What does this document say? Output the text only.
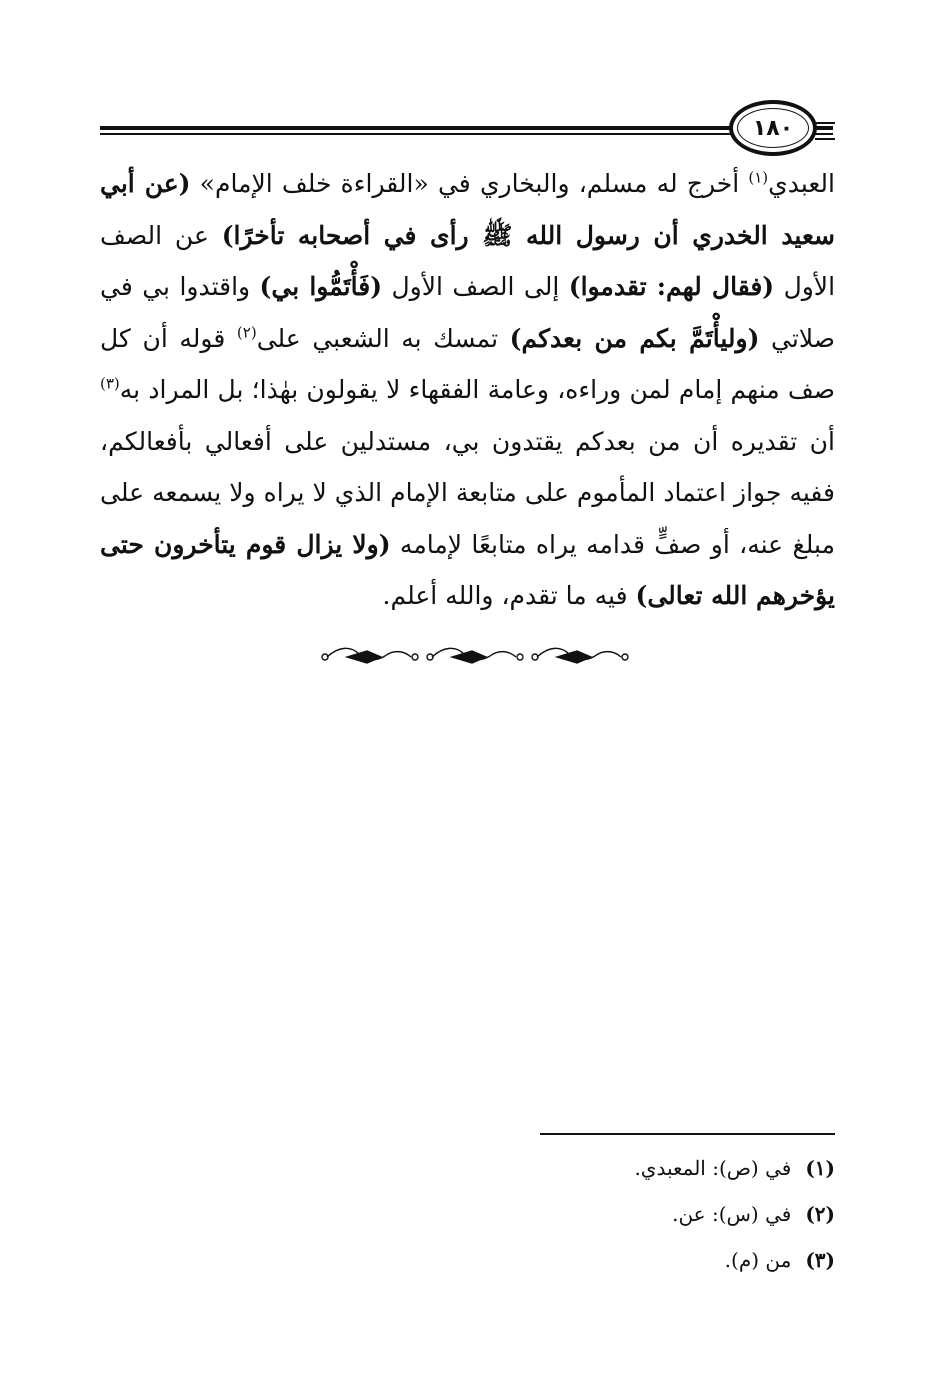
١٨٠

العبدي$^{(١)}$ أخرج له مسلم، والبخاري في «القراءة خلف الإمام» (عن أبي سعيد الخدري أن رسول الله ﷺ رأى في أصحابه تأخرًا) عن الصف الأول (فقال لهم: تقدموا) إلى الصف الأول (فَأْتَمُّوا بي) واقتدوا بي في صلاتي (وليأْتَمَّ بكم من بعدكم) تمسك به الشعبي على$^{(٢)}$ قوله أن كل صف منهم إمام لمن وراءه، وعامة الفقهاء لا يقولون بهٰذا؛ بل المراد به$^{(٣)}$ أن تقديره أن من بعدكم يقتدون بي، مستدلين على أفعالي بأفعالكم، ففيه جواز اعتماد المأموم على متابعة الإمام الذي لا يراه ولا يسمعه على مبلغ عنه، أو صفٍّ قدامه يراه متابعًا لإمامه (ولا يزال قوم يتأخرون حتى يؤخرهم الله تعالى) فيه ما تقدم، والله أعلم.

(١)
في (ص): المعبدي.
(٢)
في (س): عن.
(٣)
من (م).
